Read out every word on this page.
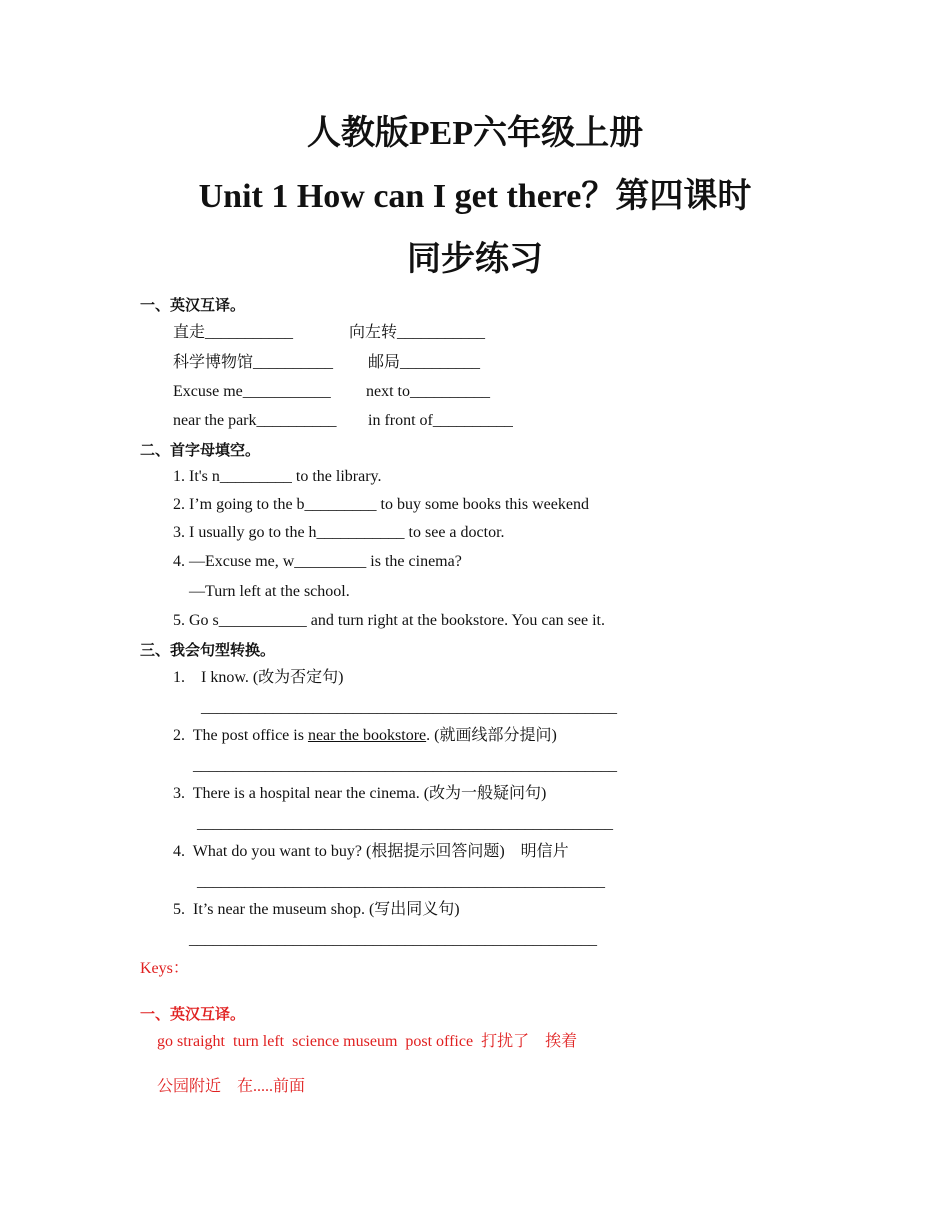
人教版PEP六年级上册
Unit 1 How can I get there？第四课时
同步练习
一、英汉互译。
直走___________	向左转___________
科学博物馆__________ 邮局__________
Excuse me___________ next to__________
near the park__________ in front of__________
二、首字母填空。
1. It's n_________ to the library.
2. I’m going to the b_________ to buy some books this weekend
3. I usually go to the h___________ to see a doctor.
4. —Excuse me, w_________ is the cinema?
—Turn left at the school.
5. Go s___________ and turn right at the bookstore. You can see it.
三、我会句型转换。
1.    I know. (改为否定句)
____________________________________________________
2.  The post office is near the bookstore. (就画线部分提问)
_____________________________________________________
3.  There is a hospital near the cinema. (改为一般疑问句)
____________________________________________________
4.  What do you want to buy? (根据提示回答问题)    明信片
___________________________________________________
5.  It’s near the museum shop. (写出同义句)
___________________________________________________
Keys：
一、英汉互译。
go straight  turn left  science museum  post office  打扰了    挨着
公园附近    在.....前面
